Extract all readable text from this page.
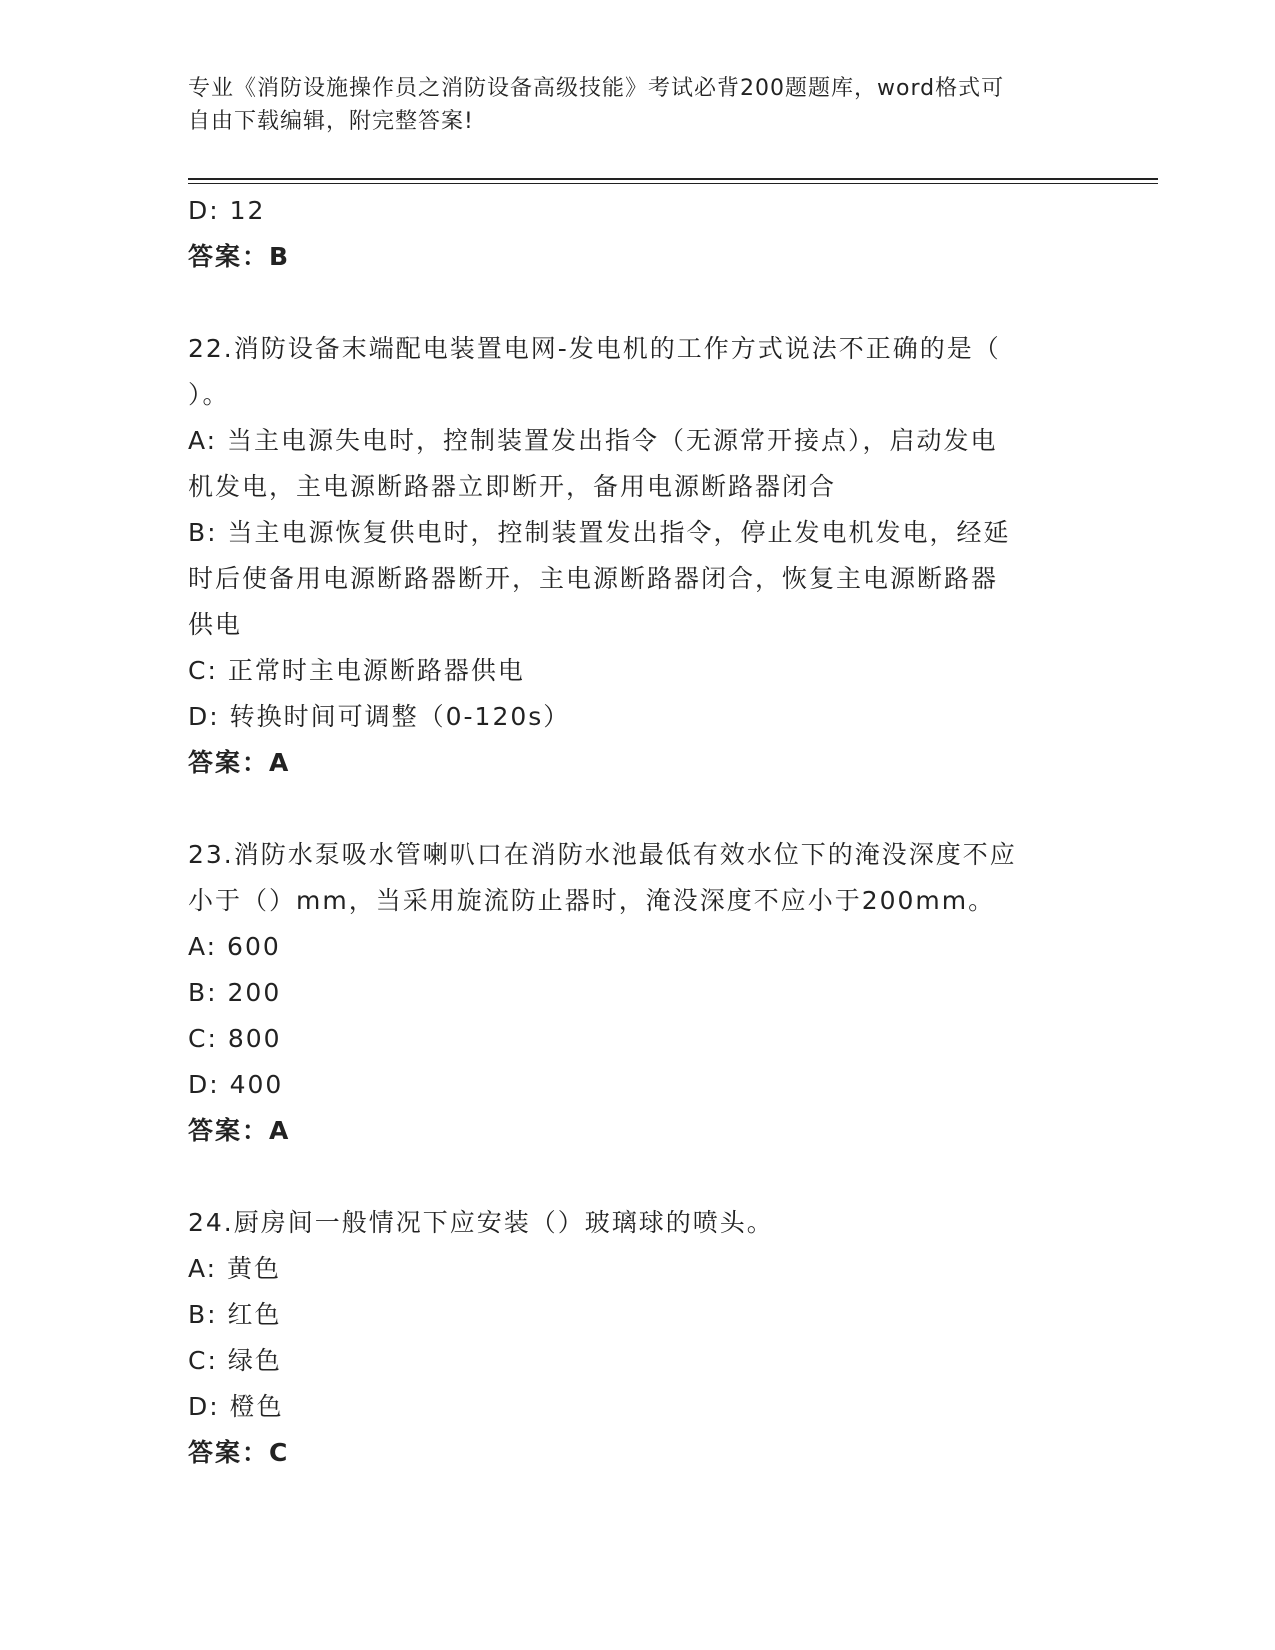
专业《消防设施操作员之消防设备高级技能》考试必背200题题库，word格式可
自由下载编辑，附完整答案!

D: 12

答案：B

22.消防设备末端配电装置电网-发电机的工作方式说法不正确的是（

）。

A: 当主电源失电时，控制装置发出指令（无源常开接点），启动发电

机发电，主电源断路器立即断开，备用电源断路器闭合

B: 当主电源恢复供电时，控制装置发出指令，停止发电机发电，经延

时后使备用电源断路器断开，主电源断路器闭合，恢复主电源断路器

供电

C: 正常时主电源断路器供电

D: 转换时间可调整（0-120s）

答案：A

23.消防水泵吸水管喇叭口在消防水池最低有效水位下的淹没深度不应

小于（）mm，当采用旋流防止器时，淹没深度不应小于200mm。

A: 600

B: 200

C: 800

D: 400

答案：A

24.厨房间一般情况下应安装（）玻璃球的喷头。

A: 黄色

B: 红色

C: 绿色

D: 橙色

答案：C
